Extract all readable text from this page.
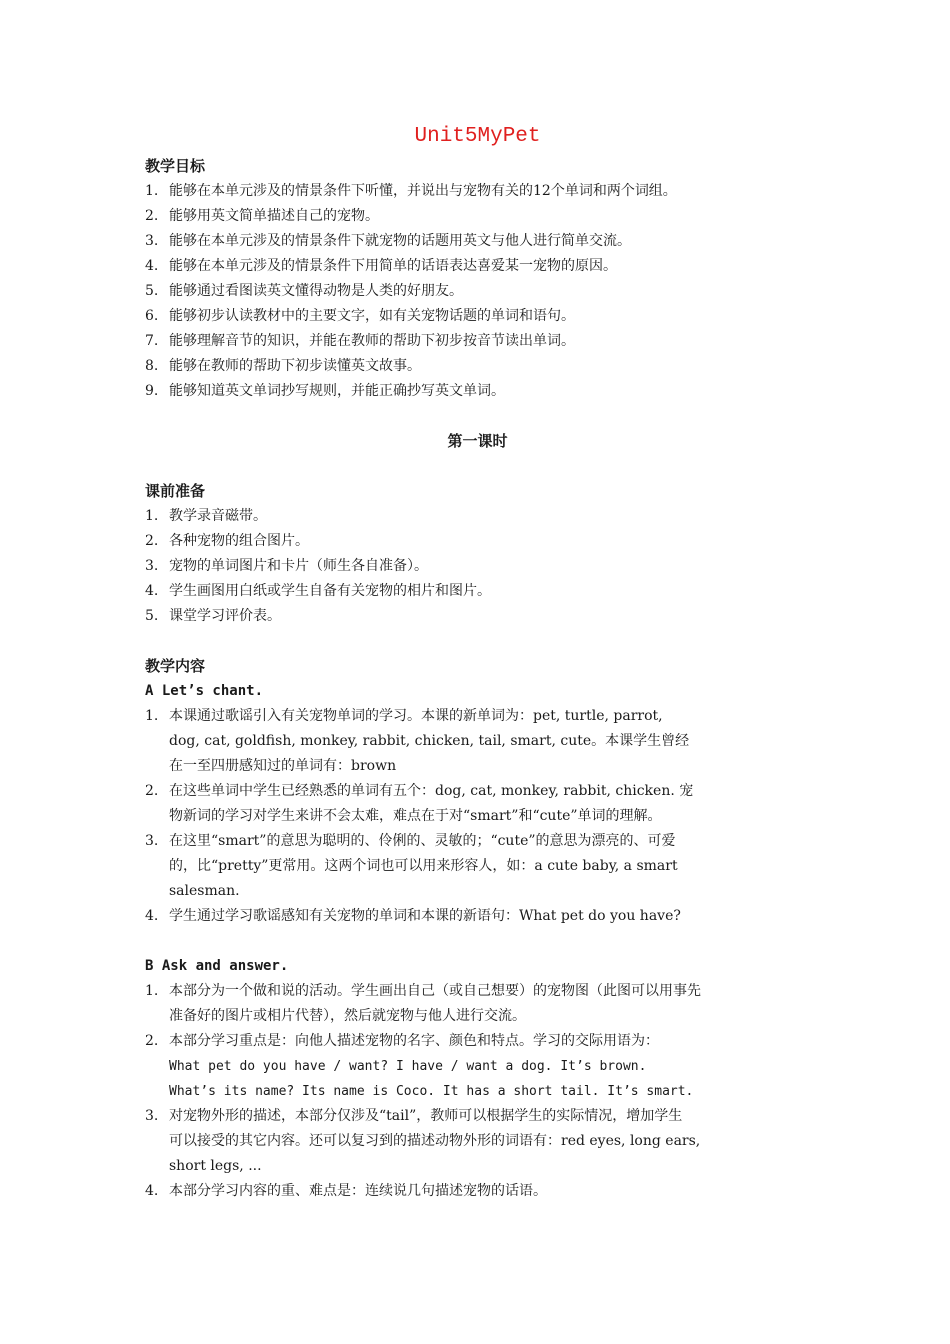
Unit5MyPet

教学目标

1. 能够在本单元涉及的情景条件下听懂，并说出与宠物有关的12个单词和两个词组。
2. 能够用英文简单描述自己的宠物。
3. 能够在本单元涉及的情景条件下就宠物的话题用英文与他人进行简单交流。
4. 能够在本单元涉及的情景条件下用简单的话语表达喜爱某一宠物的原因。
5. 能够通过看图读英文懂得动物是人类的好朋友。
6. 能够初步认读教材中的主要文字，如有关宠物话题的单词和语句。
7. 能够理解音节的知识，并能在教师的帮助下初步按音节读出单词。
8. 能够在教师的帮助下初步读懂英文故事。
9. 能够知道英文单词抄写规则，并能正确抄写英文单词。

第一课时

课前准备

1. 教学录音磁带。
2. 各种宠物的组合图片。
3. 宠物的单词图片和卡片（师生各自准备）。
4. 学生画图用白纸或学生自备有关宠物的相片和图片。
5. 课堂学习评价表。

教学内容

A Let’s chant.

1. 本课通过歌谣引入有关宠物单词的学习。本课的新单词为：pet, turtle, parrot,
dog, cat, goldfish, monkey, rabbit, chicken, tail, smart, cute。本课学生曾经
在一至四册感知过的单词有：brown
2. 在这些单词中学生已经熟悉的单词有五个：dog, cat, monkey, rabbit, chicken. 宠
物新词的学习对学生来讲不会太难，难点在于对“smart”和“cute”单词的理解。
3. 在这里“smart”的意思为聪明的、伶俐的、灵敏的；“cute”的意思为漂亮的、可爱
的，比“pretty”更常用。这两个词也可以用来形容人，如：a cute baby, a smart
salesman.
4. 学生通过学习歌谣感知有关宠物的单词和本课的新语句：What pet do you have?

B Ask and answer.

1. 本部分为一个做和说的活动。学生画出自己（或自己想要）的宠物图（此图可以用事先
准备好的图片或相片代替），然后就宠物与他人进行交流。
2. 本部分学习重点是：向他人描述宠物的名字、颜色和特点。学习的交际用语为：
What pet do you have / want? I have / want a dog. It’s brown.
What’s its name? Its name is Coco. It has a short tail. It’s smart.
3. 对宠物外形的描述，本部分仅涉及“tail”，教师可以根据学生的实际情况，增加学生
可以接受的其它内容。还可以复习到的描述动物外形的词语有：red eyes, long ears,
short legs, ...
4. 本部分学习内容的重、难点是：连续说几句描述宠物的话语。
